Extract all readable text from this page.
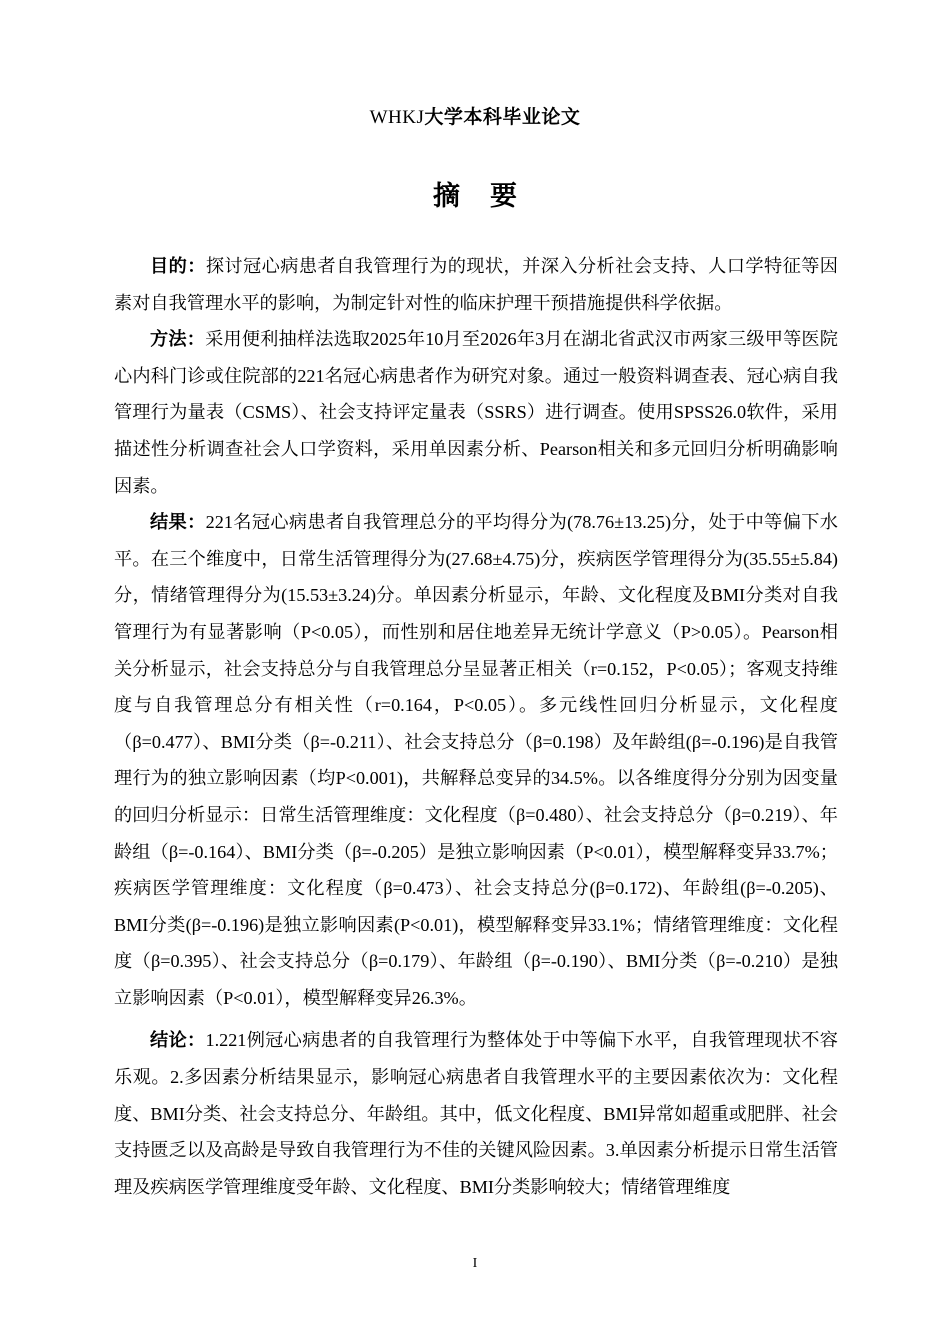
WHKJ大学本科毕业论文
摘要

目的：探讨冠心病患者自我管理行为的现状，并深入分析社会支持、人口学特征等因素对自我管理水平的影响，为制定针对性的临床护理干预措施提供科学依据。

方法：采用便利抽样法选取2025年10月至2026年3月在湖北省武汉市两家三级甲等医院心内科门诊或住院部的221名冠心病患者作为研究对象。通过一般资料调查表、冠心病自我管理行为量表（CSMS）、社会支持评定量表（SSRS）进行调查。使用SPSS26.0软件，采用描述性分析调查社会人口学资料，采用单因素分析、Pearson相关和多元回归分析明确影响因素。

结果：221名冠心病患者自我管理总分的平均得分为(78.76±13.25)分，处于中等偏下水平。在三个维度中，日常生活管理得分为(27.68±4.75)分，疾病医学管理得分为(35.55±5.84)分，情绪管理得分为(15.53±3.24)分。单因素分析显示，年龄、文化程度及BMI分类对自我管理行为有显著影响（P<0.05），而性别和居住地差异无统计学意义（P>0.05）。Pearson相关分析显示，社会支持总分与自我管理总分呈显著正相关（r=0.152，P<0.05）；客观支持维度与自我管理总分有相关性（r=0.164，P<0.05）。多元线性回归分析显示，文化程度（β=0.477）、BMI分类（β=-0.211）、社会支持总分（β=0.198）及年龄组(β=-0.196)是自我管理行为的独立影响因素（均P<0.001)，共解释总变异的34.5%。以各维度得分分别为因变量的回归分析显示：日常生活管理维度：文化程度（β=0.480）、社会支持总分（β=0.219）、年龄组（β=-0.164）、BMI分类（β=-0.205）是独立影响因素（P<0.01），模型解释变异33.7%；疾病医学管理维度：文化程度（β=0.473）、社会支持总分(β=0.172)、年龄组(β=-0.205)、BMI分类(β=-0.196)是独立影响因素(P<0.01)，模型解释变异33.1%；情绪管理维度：文化程度（β=0.395）、社会支持总分（β=0.179）、年龄组（β=-0.190）、BMI分类（β=-0.210）是独立影响因素（P<0.01），模型解释变异26.3%。

结论：1.221例冠心病患者的自我管理行为整体处于中等偏下水平，自我管理现状不容乐观。2.多因素分析结果显示，影响冠心病患者自我管理水平的主要因素依次为：文化程度、BMI分类、社会支持总分、年龄组。其中，低文化程度、BMI异常如超重或肥胖、社会支持匮乏以及高龄是导致自我管理行为不佳的关键风险因素。3.单因素分析提示日常生活管理及疾病医学管理维度受年龄、文化程度、BMI分类影响较大；情绪管理维度

I
